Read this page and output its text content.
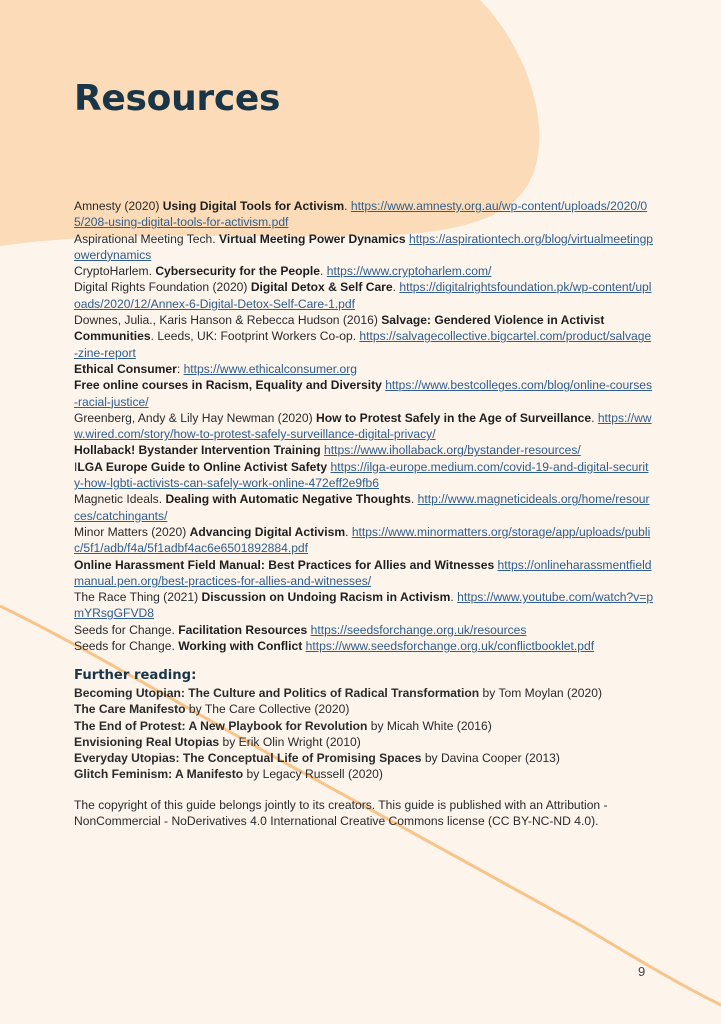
Resources

Amnesty (2020) Using Digital Tools for Activism. https://www.amnesty.org.au/wp-content/uploads/2020/05/208-using-digital-tools-for-activism.pdf

Aspirational Meeting Tech. Virtual Meeting Power Dynamics https://aspirationtech.org/blog/virtualmeetingpowerdynamics

CryptoHarlem. Cybersecurity for the People. https://www.cryptoharlem.com/

Digital Rights Foundation (2020) Digital Detox & Self Care. https://digitalrightsfoundation.pk/wp-content/uploads/2020/12/Annex-6-Digital-Detox-Self-Care-1.pdf

Downes, Julia., Karis Hanson & Rebecca Hudson (2016) Salvage: Gendered Violence in Activist Communities. Leeds, UK: Footprint Workers Co-op. https://salvagecollective.bigcartel.com/product/salvage-zine-report

Ethical Consumer: https://www.ethicalconsumer.org

Free online courses in Racism, Equality and Diversity https://www.bestcolleges.com/blog/online-courses-racial-justice/

Greenberg, Andy & Lily Hay Newman (2020) How to Protest Safely in the Age of Surveillance. https://www.wired.com/story/how-to-protest-safely-surveillance-digital-privacy/

Hollaback! Bystander Intervention Training https://www.ihollaback.org/bystander-resources/

ILGA Europe Guide to Online Activist Safety https://ilga-europe.medium.com/covid-19-and-digital-security-how-lgbti-activists-can-safely-work-online-472eff2e9fb6

Magnetic Ideals. Dealing with Automatic Negative Thoughts. http://www.magneticideals.org/home/resources/catchingants/

Minor Matters (2020) Advancing Digital Activism. https://www.minormatters.org/storage/app/uploads/public/5f1/adb/f4a/5f1adbf4ac6e6501892884.pdf

Online Harassment Field Manual: Best Practices for Allies and Witnesses https://onlineharassmentfieldmanual.pen.org/best-practices-for-allies-and-witnesses/

The Race Thing (2021) Discussion on Undoing Racism in Activism. https://www.youtube.com/watch?v=pmYRsgGFVD8

Seeds for Change. Facilitation Resources https://seedsforchange.org.uk/resources

Seeds for Change. Working with Conflict https://www.seedsforchange.org.uk/conflictbooklet.pdf

Further reading:

Becoming Utopian: The Culture and Politics of Radical Transformation by Tom Moylan (2020)

The Care Manifesto by The Care Collective (2020)

The End of Protest: A New Playbook for Revolution by Micah White (2016)

Envisioning Real Utopias by Erik Olin Wright (2010)

Everyday Utopias: The Conceptual Life of Promising Spaces by Davina Cooper (2013)

Glitch Feminism: A Manifesto by Legacy Russell (2020)

The copyright of this guide belongs jointly to its creators. This guide is published with an Attribution - NonCommercial - NoDerivatives 4.0 International Creative Commons license (CC BY-NC-ND 4.0).

9
